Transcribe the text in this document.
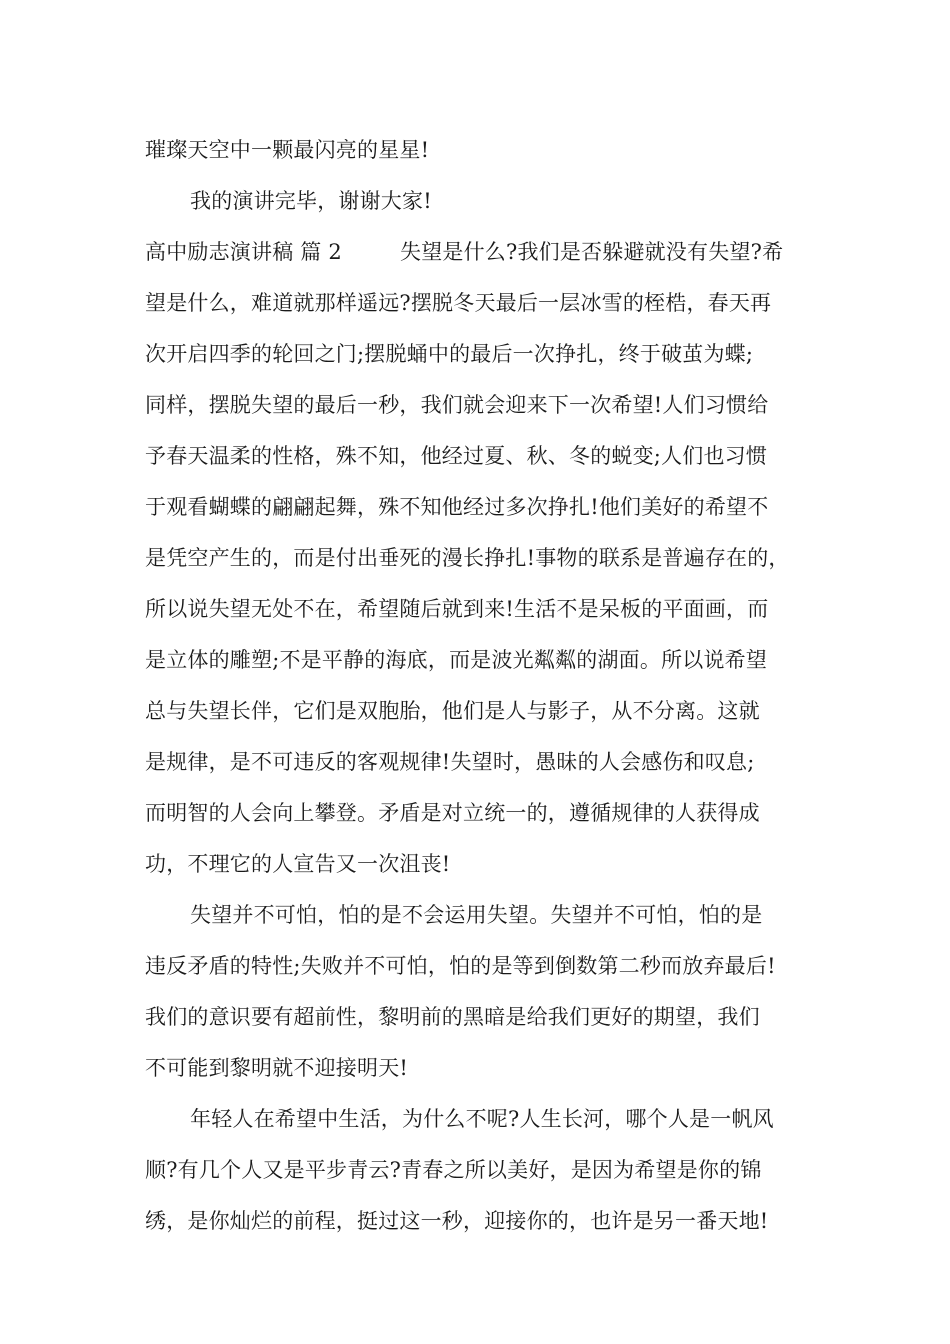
璀璨天空中一颗最闪亮的星星!
我的演讲完毕，谢谢大家!
高中励志演讲稿 篇 2	失望是什么?我们是否躲避就没有失望?希
望是什么，难道就那样遥远?摆脱冬天最后一层冰雪的桎梏，春天再
次开启四季的轮回之门;摆脱蛹中的最后一次挣扎，终于破茧为蝶;
同样，摆脱失望的最后一秒，我们就会迎来下一次希望!人们习惯给
予春天温柔的性格，殊不知，他经过夏、秋、冬的蜕变;人们也习惯
于观看蝴蝶的翩翩起舞，殊不知他经过多次挣扎!他们美好的希望不
是凭空产生的，而是付出垂死的漫长挣扎!事物的联系是普遍存在的，
所以说失望无处不在，希望随后就到来!生活不是呆板的平面画，而
是立体的雕塑;不是平静的海底，而是波光粼粼的湖面。所以说希望
总与失望长伴，它们是双胞胎，他们是人与影子，从不分离。这就
是规律，是不可违反的客观规律!失望时，愚昧的人会感伤和叹息;
而明智的人会向上攀登。矛盾是对立统一的，遵循规律的人获得成
功，不理它的人宣告又一次沮丧!
失望并不可怕，怕的是不会运用失望。失望并不可怕，怕的是
违反矛盾的特性;失败并不可怕，怕的是等到倒数第二秒而放弃最后!
我们的意识要有超前性，黎明前的黑暗是给我们更好的期望，我们
不可能到黎明就不迎接明天!
年轻人在希望中生活，为什么不呢?人生长河，哪个人是一帆风
顺?有几个人又是平步青云?青春之所以美好，是因为希望是你的锦
绣，是你灿烂的前程，挺过这一秒，迎接你的，也许是另一番天地!
